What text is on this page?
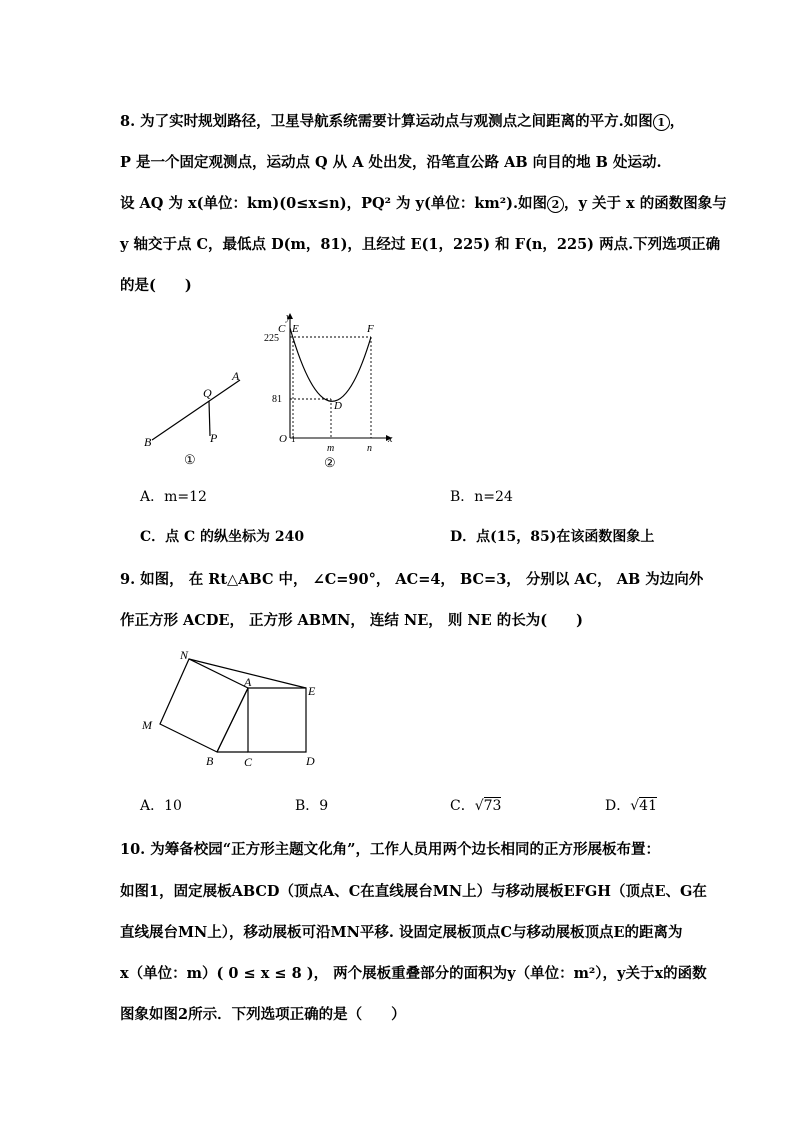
8. 为了实时规划路径，卫星导航系统需要计算运动点与观测点之间距离的平方.如图 1 ，
P 是一个固定观测点，运动点 Q 从 A 处出发，沿笔直公路 AB 向目的地 B 处运动.
设 AQ 为 x(单位：km)(0≤x≤n)，PQ² 为 y(单位：km²).如图 2 ，y 关于 x 的函数图象与
y 轴交于点 C，最低点 D(m，81)，且经过 E(1，225) 和 F(n，225) 两点.下列选项正确
的是(　　)
B
A
Q
P
①
y
x
C E	F
D
225
81
O 1
m	n
②
A．m=12	B．n=24
C．点 C 的纵坐标为 240	D．点(15，85)在该函数图象上
9. 如图， 在 Rt△ABC 中， ∠C=90°， AC=4， BC=3， 分别以 AC， AB 为边向外
作正方形 ACDE， 正方形 ABMN， 连结 NE， 则 NE 的长为(　　)
N
A
E
M
B	C	D
A．10	B．9	C．√73	D．√41
10. 为筹备校园“正方形主题文化角”，工作人员用两个边长相同的正方形展板布置：
如图1，固定展板ABCD（顶点A、C在直线展台MN上）与移动展板EFGH（顶点E、G在
直线展台MN上），移动展板可沿MN平移. 设固定展板顶点C与移动展板顶点E的距离为
x（单位：m）( 0 ≤ x ≤ 8 )， 两个展板重叠部分的面积为y（单位：m²），y关于x的函数
图象如图2所示．下列选项正确的是（　　）
